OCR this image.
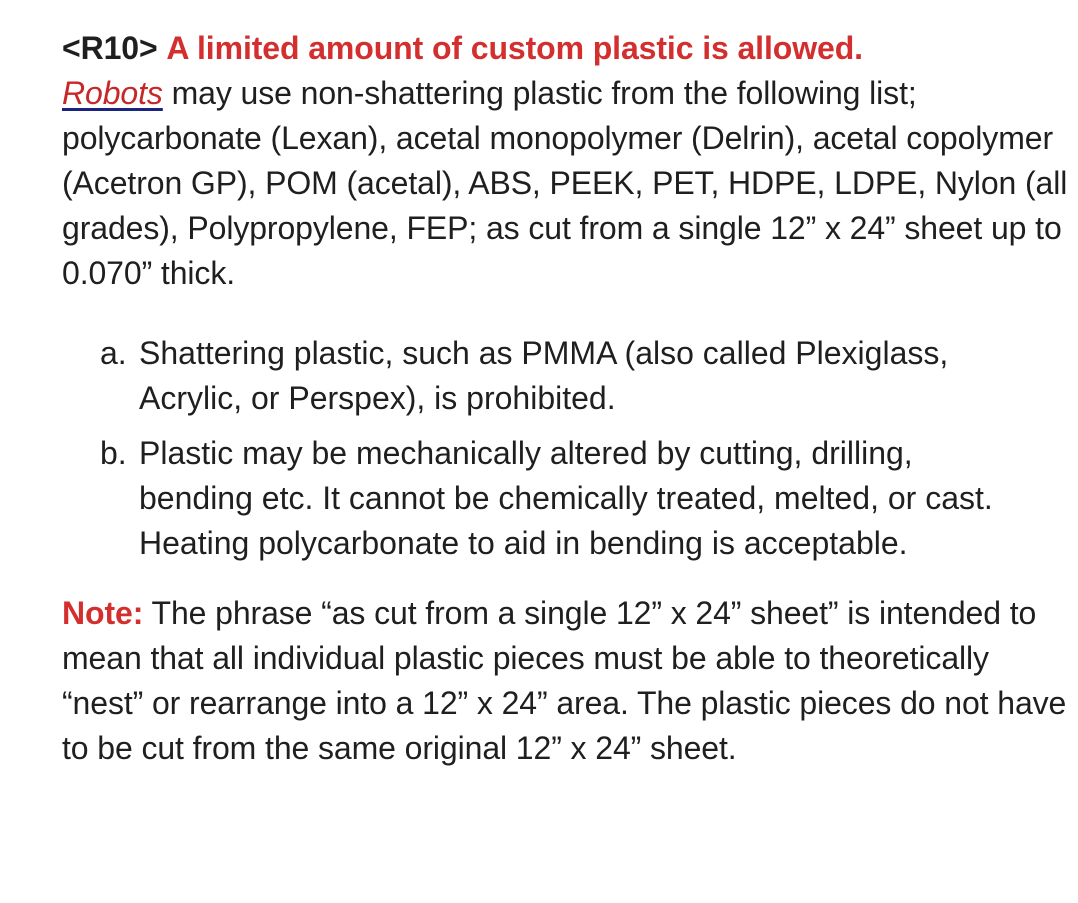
<R10> A limited amount of custom plastic is allowed.
Robots may use non-shattering plastic from the following list; polycarbonate (Lexan), acetal monopolymer (Delrin), acetal copolymer (Acetron GP), POM (acetal), ABS, PEEK, PET, HDPE, LDPE, Nylon (all grades), Polypropylene, FEP; as cut from a single 12” x 24” sheet up to 0.070” thick.

a. Shattering plastic, such as PMMA (also called Plexiglass, Acrylic, or Perspex), is prohibited.
b. Plastic may be mechanically altered by cutting, drilling, bending etc. It cannot be chemically treated, melted, or cast. Heating polycarbonate to aid in bending is acceptable.

Note: The phrase “as cut from a single 12” x 24” sheet” is intended to mean that all individual plastic pieces must be able to theoretically “nest” or rearrange into a 12” x 24” area. The plastic pieces do not have to be cut from the same original 12” x 24” sheet.
